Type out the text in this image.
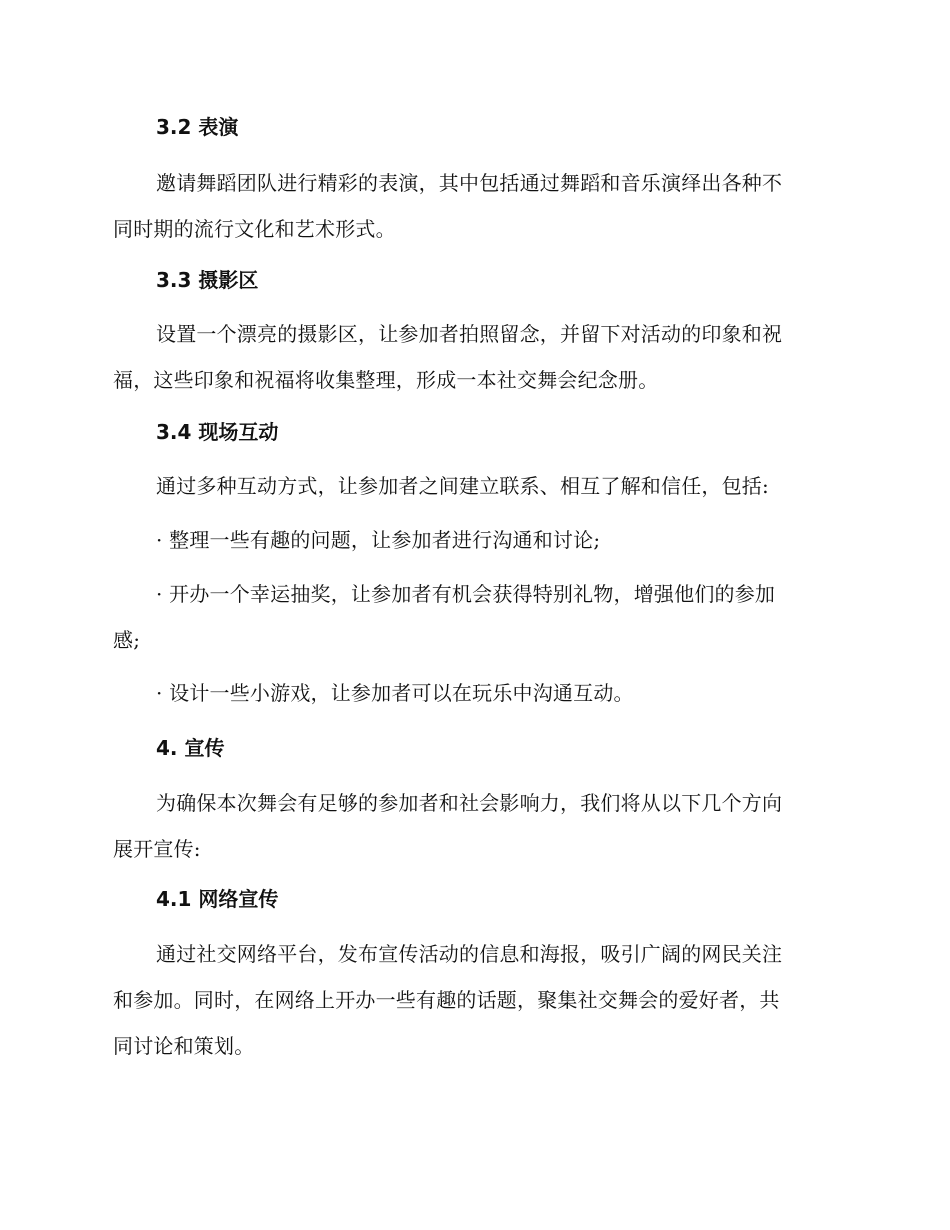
3.2 表演
邀请舞蹈团队进行精彩的表演，其中包括通过舞蹈和音乐演绎出各种不
同时期的流行文化和艺术形式。
3.3 摄影区
设置一个漂亮的摄影区，让参加者拍照留念，并留下对活动的印象和祝
福，这些印象和祝福将收集整理，形成一本社交舞会纪念册。
3.4 现场互动
通过多种互动方式，让参加者之间建立联系、相互了解和信任，包括:
· 整理一些有趣的问题，让参加者进行沟通和讨论;
· 开办一个幸运抽奖，让参加者有机会获得特别礼物，增强他们的参加
感;
· 设计一些小游戏，让参加者可以在玩乐中沟通互动。
4. 宣传
为确保本次舞会有足够的参加者和社会影响力，我们将从以下几个方向
展开宣传:
4.1 网络宣传
通过社交网络平台，发布宣传活动的信息和海报，吸引广阔的网民关注
和参加。同时，在网络上开办一些有趣的话题，聚集社交舞会的爱好者，共
同讨论和策划。
